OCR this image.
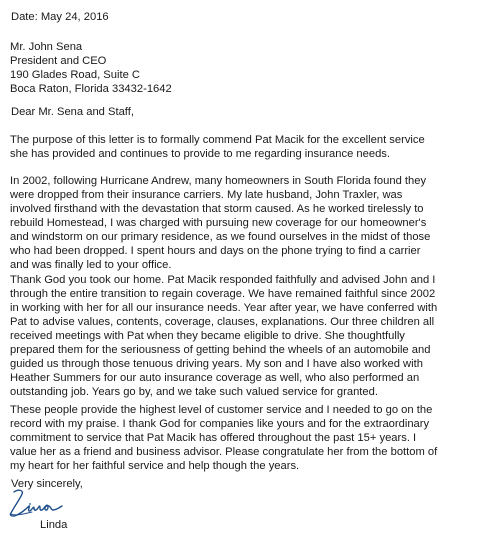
Date: May 24, 2016
Mr. John Sena
President and CEO
190 Glades Road, Suite C
Boca Raton, Florida 33432-1642
Dear Mr. Sena and Staff,
The purpose of this letter is to formally commend Pat Macik for the excellent service
she has provided and continues to provide to me regarding insurance needs.
In 2002, following Hurricane Andrew, many homeowners in South Florida found they
were dropped from their insurance carriers. My late husband, John Traxler, was
involved firsthand with the devastation that storm caused. As he worked tirelessly to
rebuild Homestead, I was charged with pursuing new coverage for our homeowner's
and windstorm on our primary residence, as we found ourselves in the midst of those
who had been dropped. I spent hours and days on the phone trying to find a carrier
and was finally led to your office.
Thank God you took our home. Pat Macik responded faithfully and advised John and I
through the entire transition to regain coverage. We have remained faithful since 2002
in working with her for all our insurance needs. Year after year, we have conferred with
Pat to advise values, contents, coverage, clauses, explanations. Our three children all
received meetings with Pat when they became eligible to drive. She thoughtfully
prepared them for the seriousness of getting behind the wheels of an automobile and
guided us through those tenuous driving years. My son and I have also worked with
Heather Summers for our auto insurance coverage as well, who also performed an
outstanding job. Years go by, and we take such valued service for granted.
These people provide the highest level of customer service and I needed to go on the
record with my praise. I thank God for companies like yours and for the extraordinary
commitment to service that Pat Macik has offered throughout the past 15+ years. I
value her as a friend and business advisor. Please congratulate her from the bottom of
my heart for her faithful service and help though the years.
Very sincerely,
Linda
